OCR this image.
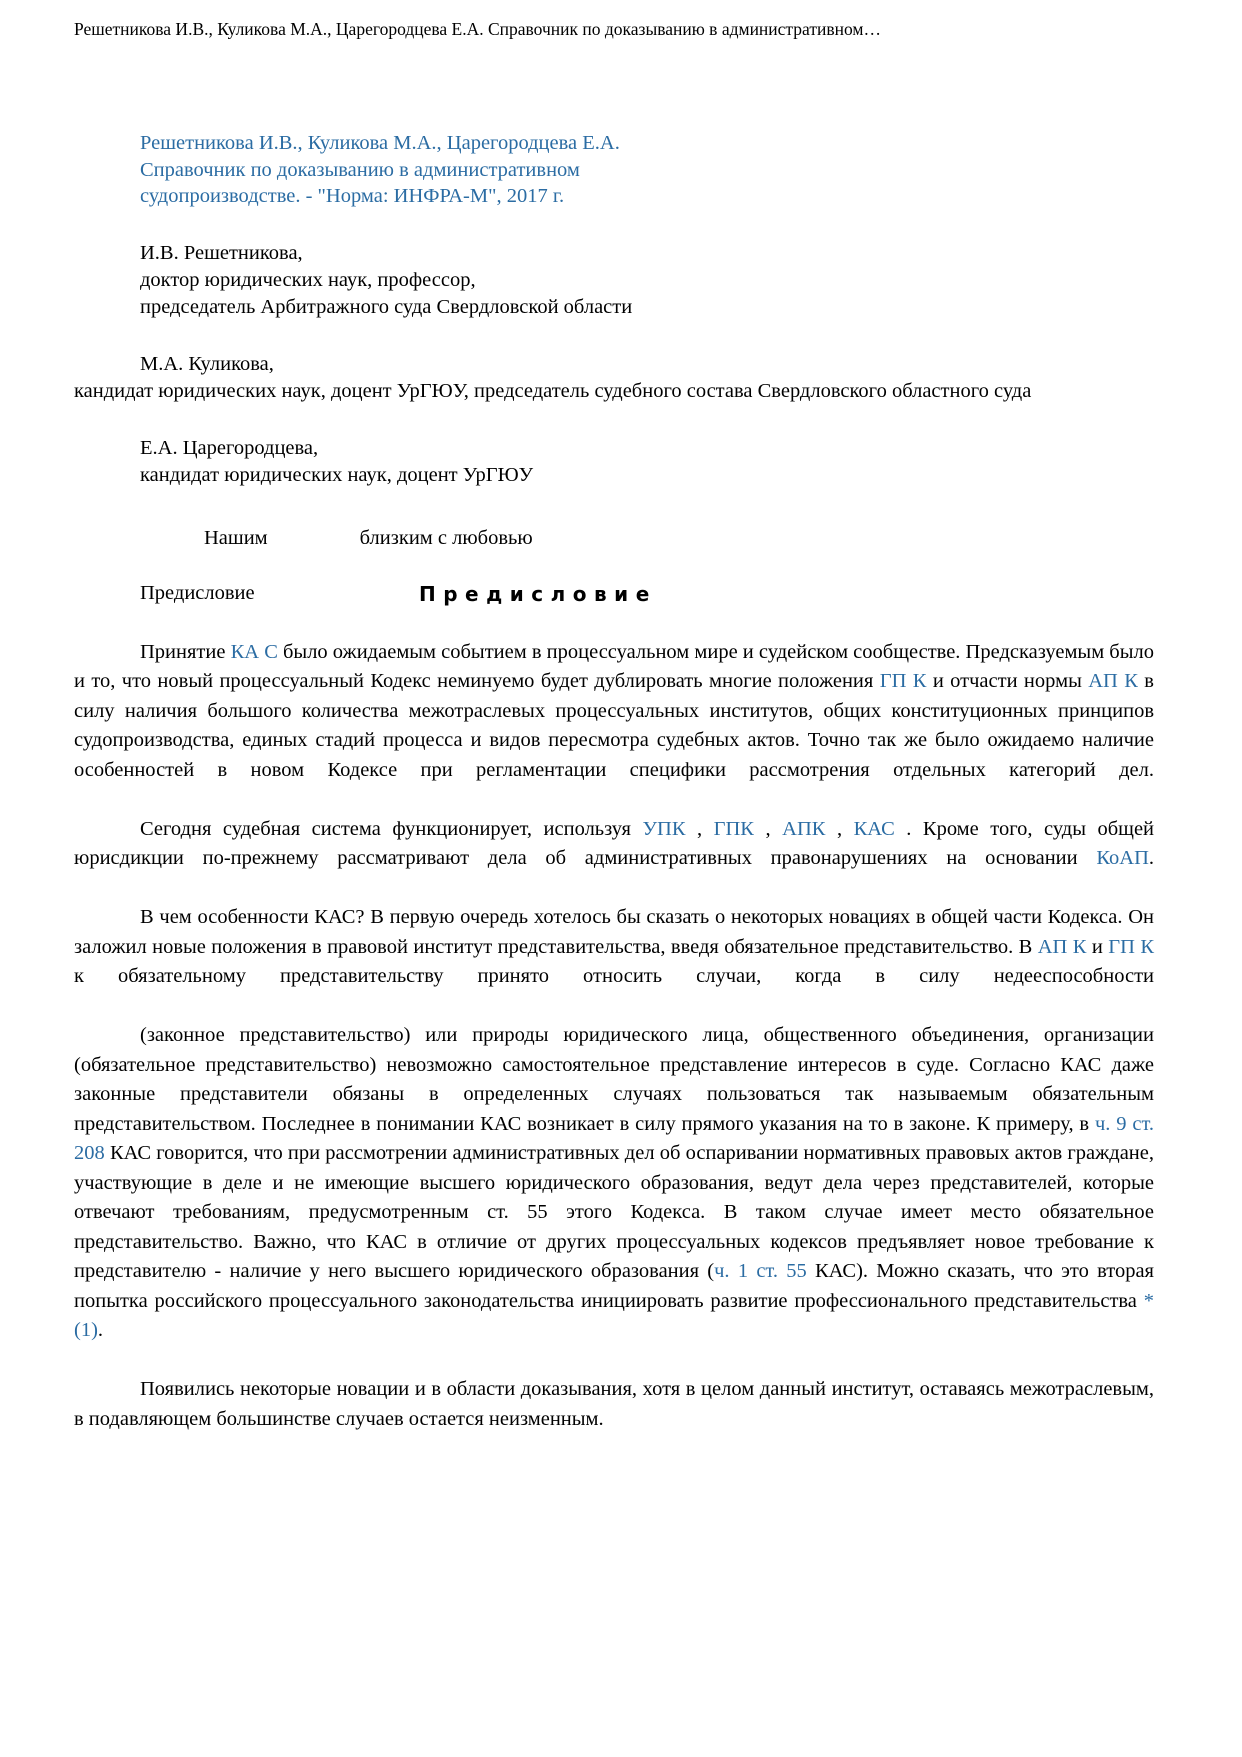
Решетникова И.В., Куликова М.А., Царегородцева Е.А. Справочник по доказыванию в административном…
Решетникова И.В., Куликова М.А., Царегородцева Е.А.
Справочник по доказыванию в административном
судопроизводстве. - "Норма: ИНФРА-М", 2017 г.
И.В. Решетникова,
доктор юридических наук, профессор,
председатель Арбитражного суда Свердловской области
М.А. Куликова,
кандидат юридических наук, доцент УрГЮУ, председатель судебного состава Свердловского областного суда
Е.А. Царегородцева,
кандидат юридических наук, доцент УрГЮУ
Нашим	близким с любовью
Предисловие	Предисловие

Принятие КА С было ожидаемым событием в процессуальном мире и судейском сообществе. Предсказуемым было и то, что новый процессуальный Кодекс неминуемо будет дублировать многие положения ГП К и отчасти нормы АП К в силу наличия большого количества межотраслевых процессуальных институтов, общих конституционных принципов судопроизводства, единых стадий процесса и видов пересмотра судебных актов. Точно так же было ожидаемо наличие особенностей в новом Кодексе при регламентации специфики рассмотрения отдельных категорий дел.

Сегодня судебная система функционирует, используя УПК , ГПК , АПК , КАС . Кроме того, суды общей юрисдикции по-прежнему рассматривают дела об административных правонарушениях на основании КоАП.

В чем особенности КАС? В первую очередь хотелось бы сказать о некоторых новациях в общей части Кодекса. Он заложил новые положения в правовой институт представительства, введя обязательное представительство. В АП К и ГП К к обязательному представительству принято относить случаи, когда в силу недееспособности

(законное представительство) или природы юридического лица, общественного объединения, организации (обязательное представительство) невозможно самостоятельное представление интересов в суде. Согласно КАС даже законные представители обязаны в определенных случаях пользоваться так называемым обязательным представительством. Последнее в понимании КАС возникает в силу прямого указания на то в законе. К примеру, в ч. 9 ст. 208 КАС говорится, что при рассмотрении административных дел об оспаривании нормативных правовых актов граждане, участвующие в деле и не имеющие высшего юридического образования, ведут дела через представителей, которые отвечают требованиям, предусмотренным ст. 55 этого Кодекса. В таком случае имеет место обязательное представительство. Важно, что КАС в отличие от других процессуальных кодексов предъявляет новое требование к представителю - наличие у него высшего юридического образования (ч. 1 ст. 55 КАС). Можно сказать, что это вторая попытка российского процессуального законодательства инициировать развитие профессионального представительства *(1).

Появились некоторые новации и в области доказывания, хотя в целом данный институт, оставаясь межотраслевым, в подавляющем большинстве случаев остается неизменным.
